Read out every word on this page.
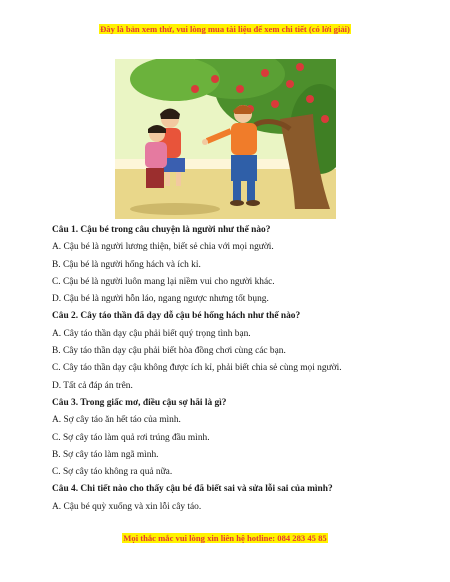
Đây là bản xem thử, vui lòng mua tài liệu để xem chi tiết (có lời giải)

Câu 1. Cậu bé trong câu chuyện là người như thế nào?

A. Cậu bé là người lương thiện, biết sẻ chia với mọi người.

B. Cậu bé là người hống hách và ích kỉ.

C. Cậu bé là người luôn mang lại niềm vui cho người khác.

D. Cậu bé là người hỗn láo, ngang ngược nhưng tốt bụng.

Câu 2. Cây táo thần đã dạy dỗ cậu bé hống hách như thế nào?

A. Cây táo thần dạy cậu phải biết quý trọng tình bạn.

B. Cây táo thần dạy cậu phải biết hòa đồng chơi cùng các bạn.

C. Cây táo thần dạy cậu không được ích kỉ, phải biết chia sẻ cùng mọi người.

D. Tất cả đáp án trên.

Câu 3. Trong giấc mơ, điều cậu sợ hãi là gì?

A. Sợ cây táo ăn hết táo của mình.

C. Sợ cây táo làm quả rơi trúng đầu mình.

B. Sợ cây táo làm ngã mình.

C. Sợ cây táo không ra quả nữa.

Câu 4. Chi tiết nào cho thấy cậu bé đã biết sai và sửa lỗi sai của mình?

A. Cậu bé quỳ xuống và xin lỗi cây táo.

Mọi thắc mắc vui lòng xin liên hệ hotline: 084 283 45 85
